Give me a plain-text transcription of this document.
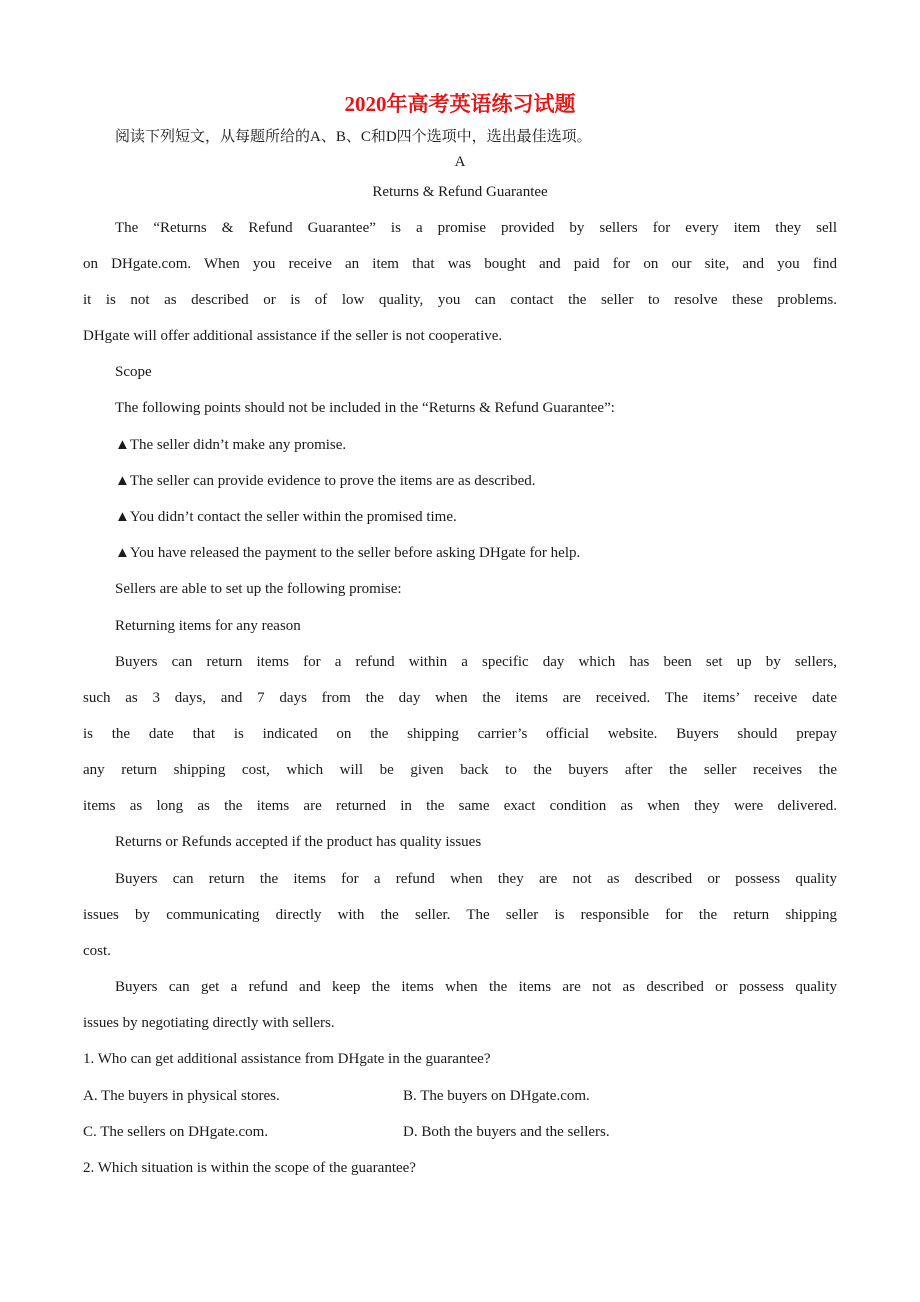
2020年高考英语练习试题
阅读下列短文，从每题所给的A、B、C和D四个选项中，选出最佳选项。
A
Returns & Refund Guarantee
The “Returns & Refund Guarantee” is a promise provided by sellers for every item they sell
on DHgate.com. When you receive an item that was bought and paid for on our site, and you find
it is not as described or is of low quality, you can contact the seller to resolve these problems.
DHgate will offer additional assistance if the seller is not cooperative.
Scope
The following points should not be included in the “Returns & Refund Guarantee”:
▲The seller didn’t make any promise.
▲The seller can provide evidence to prove the items are as described.
▲You didn’t contact the seller within the promised time.
▲You have released the payment to the seller before asking DHgate for help.
Sellers are able to set up the following promise:
Returning items for any reason
Buyers can return items for a refund within a specific day which has been set up by sellers,
such as 3 days, and 7 days from the day when the items are received. The items’ receive date
is the date that is indicated on the shipping carrier’s official website. Buyers should prepay
any return shipping cost, which will be given back to the buyers after the seller receives the
items as long as the items are returned in the same exact condition as when they were delivered.
Returns or Refunds accepted if the product has quality issues
Buyers can return the items for a refund when they are not as described or possess quality
issues by communicating directly with the seller. The seller is responsible for the return shipping
cost.
Buyers can get a refund and keep the items when the items are not as described or possess quality
issues by negotiating directly with sellers.
1. Who can get additional assistance from DHgate in the guarantee?
A. The buyers in physical stores.	B. The buyers on DHgate.com.
C. The sellers on DHgate.com.	D. Both the buyers and the sellers.
2. Which situation is within the scope of the guarantee?
